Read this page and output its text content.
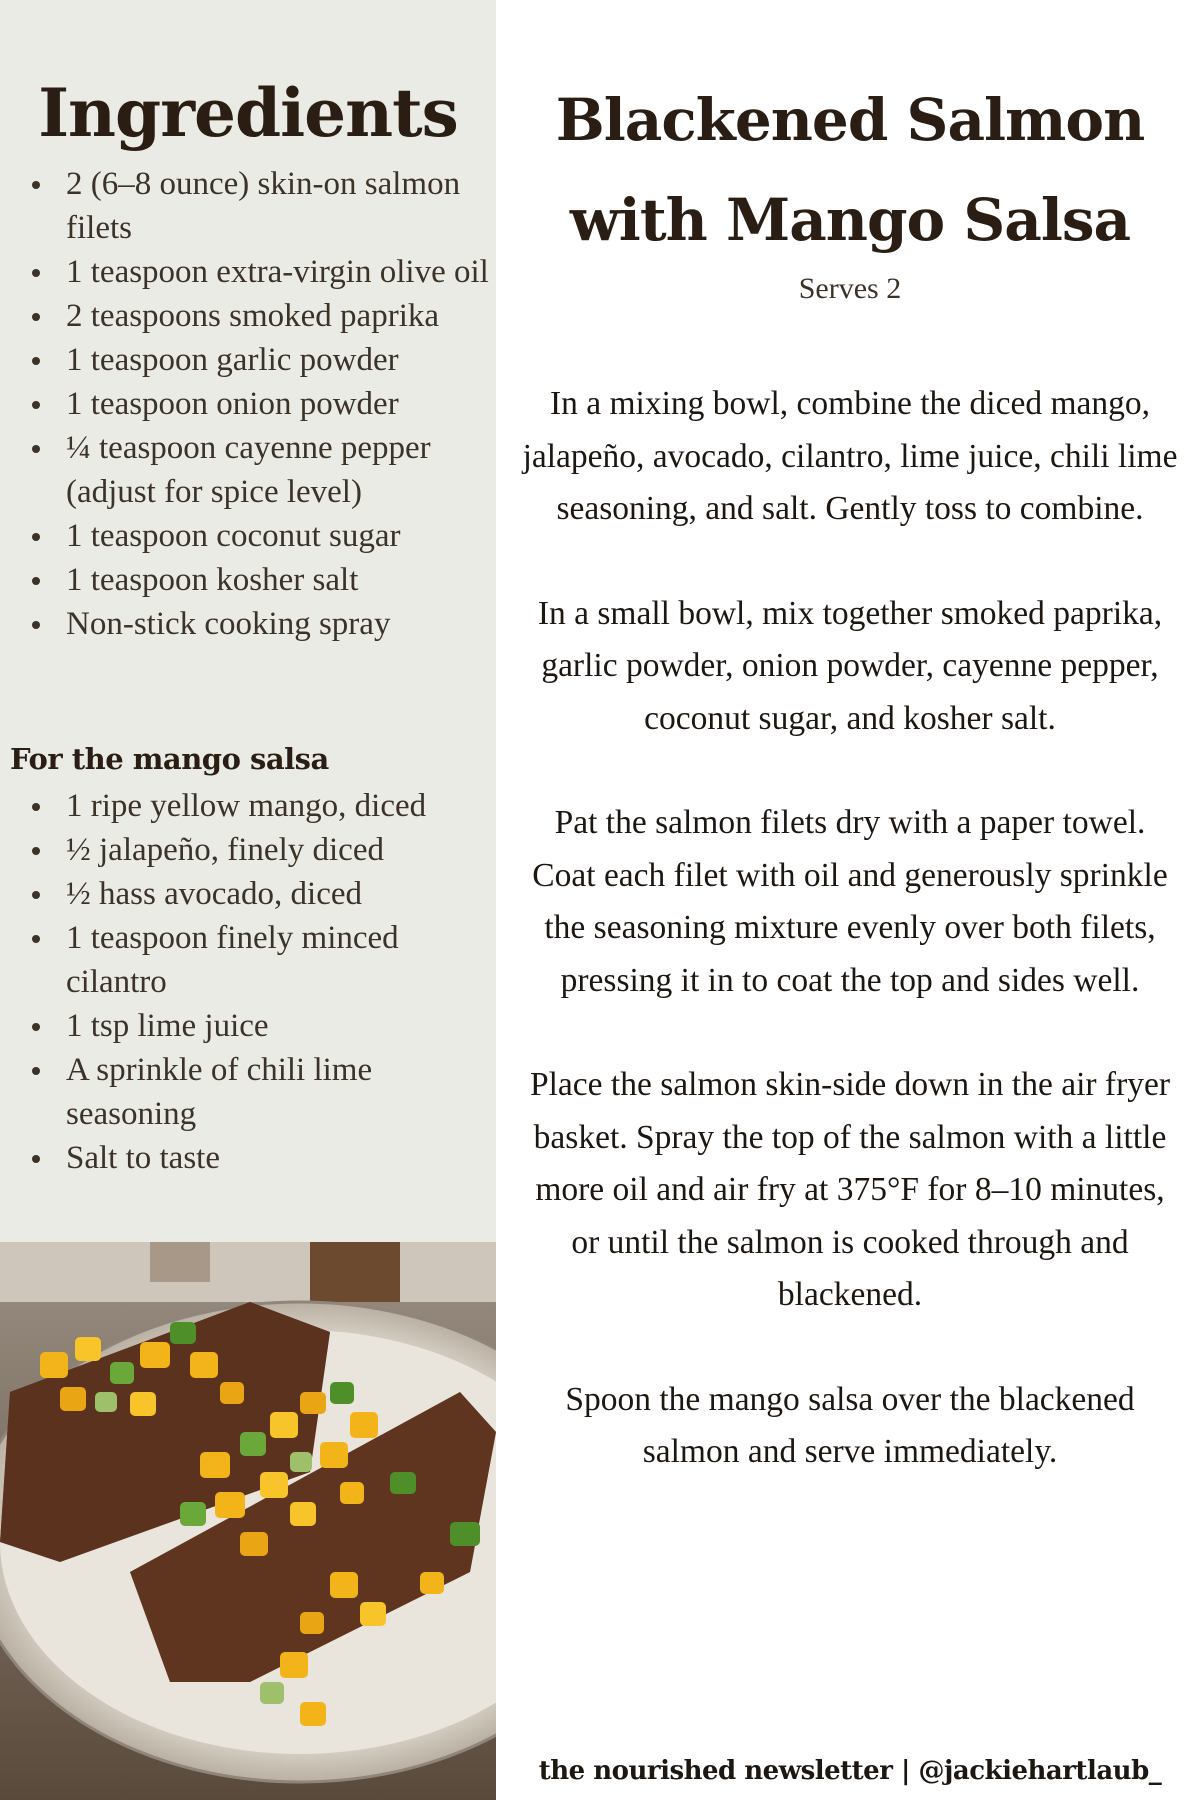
Ingredients
2 (6–8 ounce) skin-on salmon filets
1 teaspoon extra-virgin olive oil
2 teaspoons smoked paprika
1 teaspoon garlic powder
1 teaspoon onion powder
¼ teaspoon cayenne pepper (adjust for spice level)
1 teaspoon coconut sugar
1 teaspoon kosher salt
Non-stick cooking spray
For the mango salsa
1 ripe yellow mango, diced
½ jalapeño, finely diced
½ hass avocado, diced
1 teaspoon finely minced cilantro
1 tsp lime juice
A sprinkle of chili lime seasoning
Salt to taste
Blackened Salmon
with Mango Salsa
Serves 2

In a mixing bowl, combine the diced mango, jalapeño, avocado, cilantro, lime juice, chili lime seasoning, and salt. Gently toss to combine.

In a small bowl, mix together smoked paprika, garlic powder, onion powder, cayenne pepper, coconut sugar, and kosher salt.

Pat the salmon filets dry with a paper towel. Coat each filet with oil and generously sprinkle the seasoning mixture evenly over both filets, pressing it in to coat the top and sides well.

Place the salmon skin-side down in the air fryer basket. Spray the top of the salmon with a little more oil and air fry at 375°F for 8–10 minutes, or until the salmon is cooked through and blackened.

Spoon the mango salsa over the blackened salmon and serve immediately.

the nourished newsletter | @jackiehartlaub_
